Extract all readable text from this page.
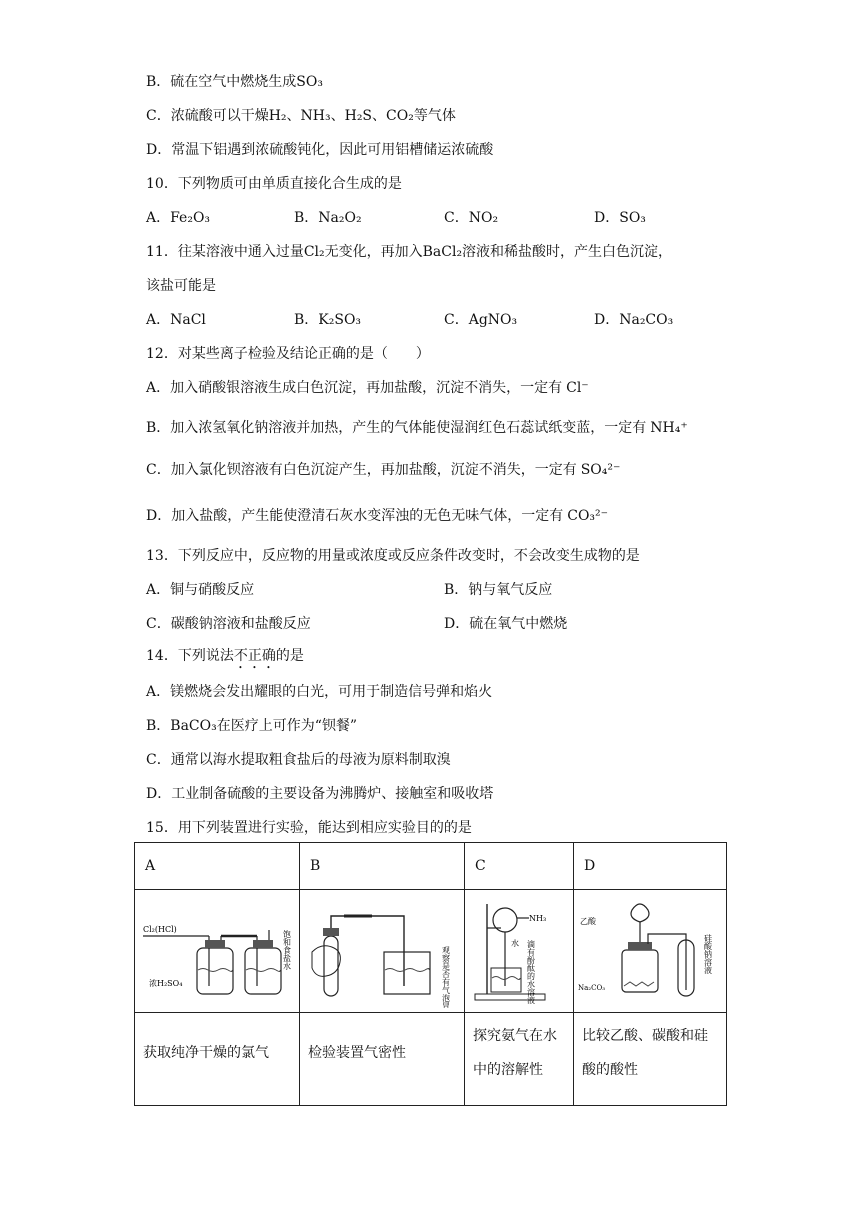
B．硫在空气中燃烧生成SO₃
C．浓硫酸可以干燥H₂、NH₃、H₂S、CO₂等气体
D．常温下铝遇到浓硫酸钝化，因此可用铝槽储运浓硫酸
10．下列物质可由单质直接化合生成的是
A．Fe₂O₃	B．Na₂O₂	C．NO₂	D．SO₃
11．往某溶液中通入过量Cl₂无变化，再加入BaCl₂溶液和稀盐酸时，产生白色沉淀，
该盐可能是
A．NaCl	B．K₂SO₃	C．AgNO₃	D．Na₂CO₃
12．对某些离子检验及结论正确的是（　　）
A．加入硝酸银溶液生成白色沉淀，再加盐酸，沉淀不消失，一定有 Cl⁻
B．加入浓氢氧化钠溶液并加热，产生的气体能使湿润红色石蕊试纸变蓝，一定有 NH₄⁺
C．加入氯化钡溶液有白色沉淀产生，再加盐酸，沉淀不消失，一定有 SO₄²⁻
D．加入盐酸，产生能使澄清石灰水变浑浊的无色无味气体，一定有 CO₃²⁻
13．下列反应中，反应物的用量或浓度或反应条件改变时，不会改变生成物的是
A．铜与硝酸反应	B．钠与氧气反应
C．碳酸钠溶液和盐酸反应	D．硫在氧气中燃烧
14．下列说法不正确的是
A．镁燃烧会发出耀眼的白光，可用于制造信号弹和焰火
B．BaCO₃在医疗上可作为“钡餐”
C．通常以海水提取粗食盐后的母液为原料制取溴
D．工业制备硫酸的主要设备为沸腾炉、接触室和吸收塔
15．用下列装置进行实验，能达到相应实验目的的是
A	B	C	D

Cl₂(HCl)
浓H₂SO₄
饱和食盐水	观察是否有气泡冒出	NH₃
水 滴有酚酞的水溶液	乙酸
Na₂CO₃
硅酸钠溶液

获取纯净干燥的氯气	检验装置气密性	探究氨气在水中的溶解性	比较乙酸、碳酸和硅酸的酸性
